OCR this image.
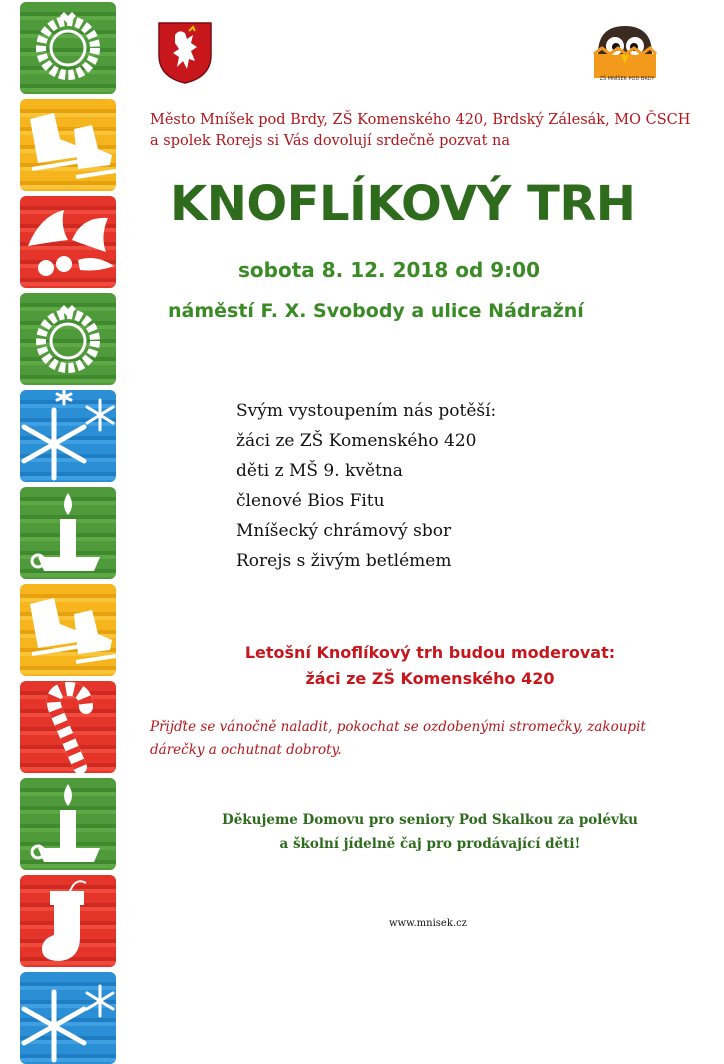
ZŠ MNÍŠEK POD BRDY
Město Mníšek pod Brdy, ZŠ Komenského 420, Brdský Zálesák, MO ČSCH
a spolek Rorejs si Vás dovolují srdečně pozvat na
KNOFLÍKOVÝ TRH
sobota 8. 12. 2018 od 9:00
náměstí F. X. Svobody a ulice Nádražní
Svým vystoupením nás potěší:
žáci ze ZŠ Komenského 420
děti z MŠ 9. května
členové Bios Fitu
Mníšecký chrámový sbor
Rorejs s živým betlémem
Letošní Knoflíkový trh budou moderovat:
žáci ze ZŠ Komenského 420
Přijďte se vánočně naladit, pokochat se ozdobenými stromečky, zakoupit
dárečky a ochutnat dobroty.
Děkujeme Domovu pro seniory Pod Skalkou za polévku
a školní jídelně čaj pro prodávající děti!
www.mnisek.cz
